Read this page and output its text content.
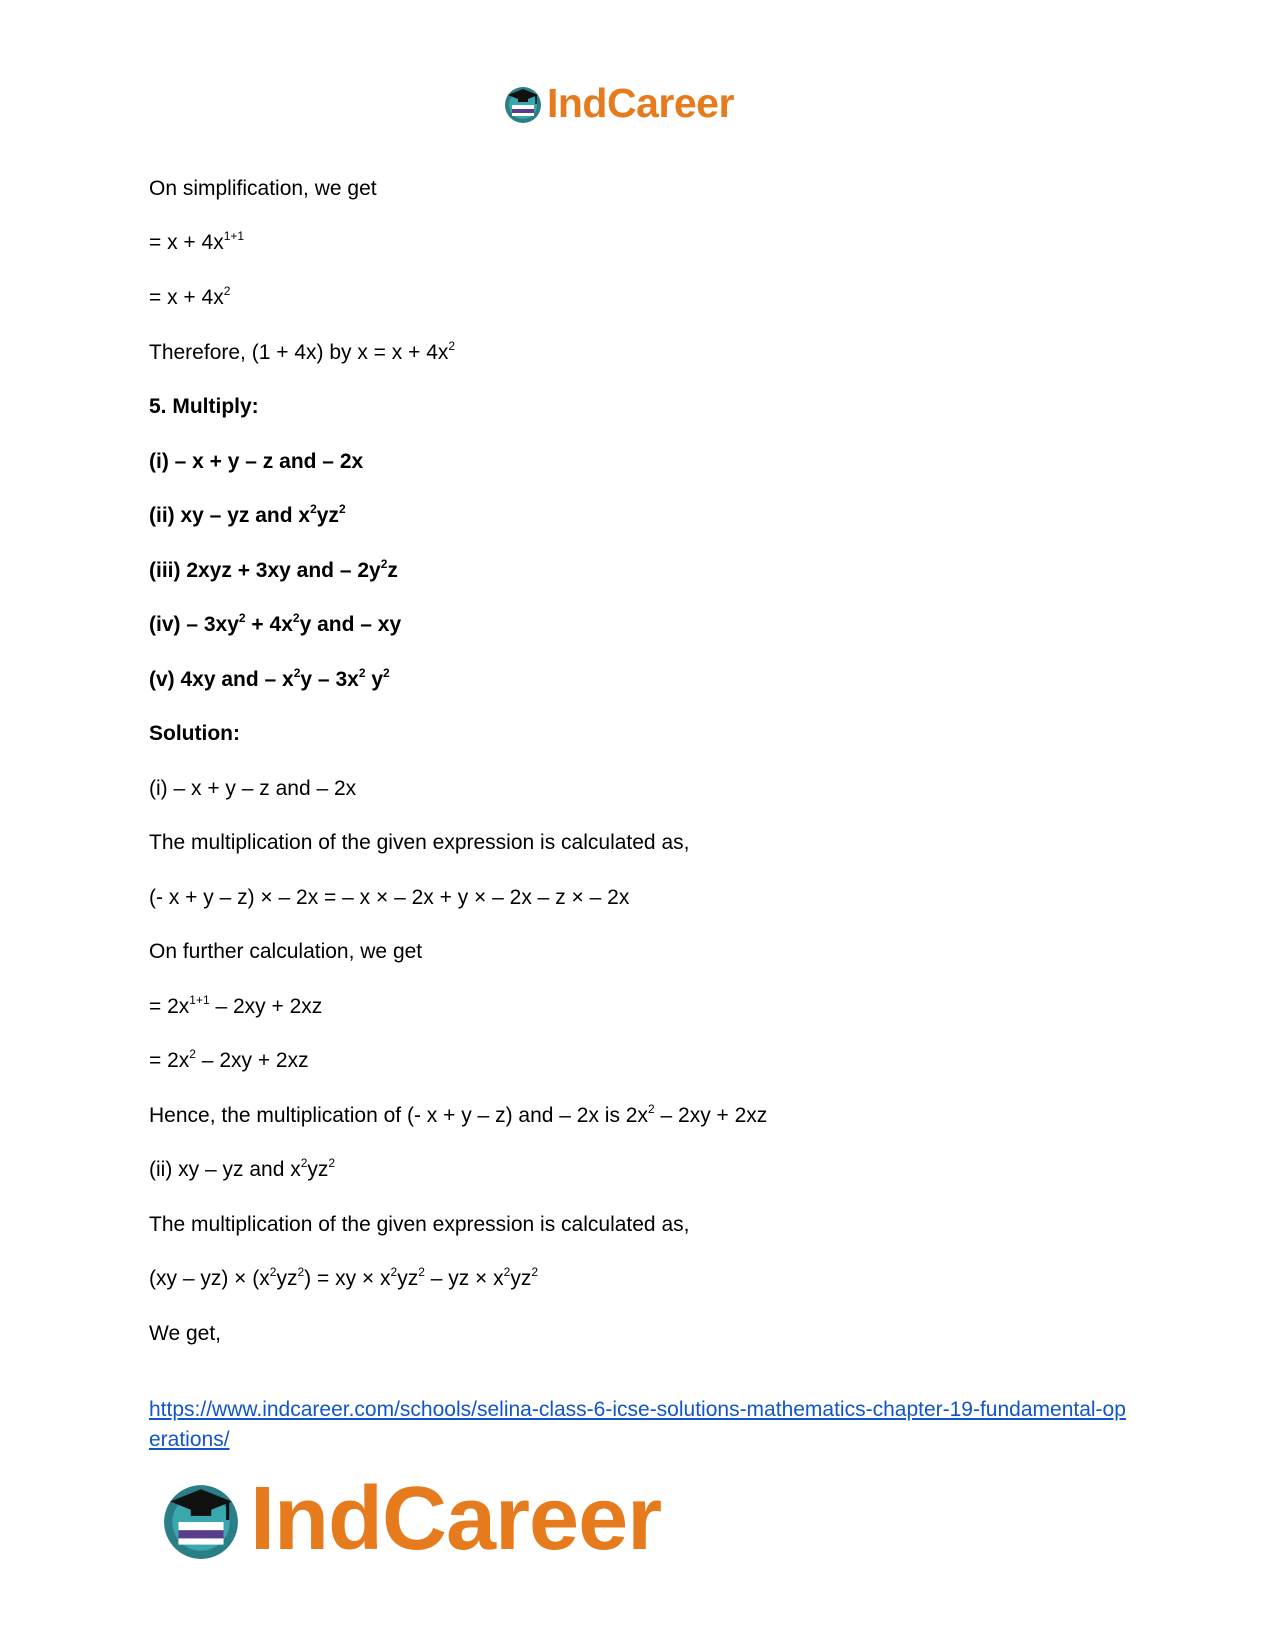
IndCareer

On simplification, we get

= $x + 4x^{1+1}$

= $x + 4x^2$

Therefore, (1 + 4x) by $x = x + 4x^2$

5. Multiply:

(i) – x + y – z and – 2x

(ii) xy – yz and $x^2yz^2$

(iii) 2xyz + 3xy and – $2y^2z$

$(iv) - 3xy^2 + 4x^2y$ and – xy

(v) 4xy and – $x^2y - 3x^2$ $y^2$

Solution:

(i) – x + y – z and – 2x

The multiplication of the given expression is calculated as,

(- x + y – z) × – 2x = – x × – 2x + y × – 2x – z × – 2x

On further calculation, we get

= $2x^{1+1} - 2xy + 2xz$

= $2x^2 - 2xy + 2xz$

Hence, the multiplication of (- x + y – z) and – 2x is $2x^2 - 2xy + 2xz$

(ii) xy – yz and $x^2yz^2$

The multiplication of the given expression is calculated as,

$(xy - yz) \times (x^2yz^2)$ = xy × $x^2yz^2$ – yz × $x^2yz^2$

We get,

https://www.indcareer.com/schools/selina-class-6-icse-solutions-mathematics-chapter-19-fundamental-operations/
IndCareer
